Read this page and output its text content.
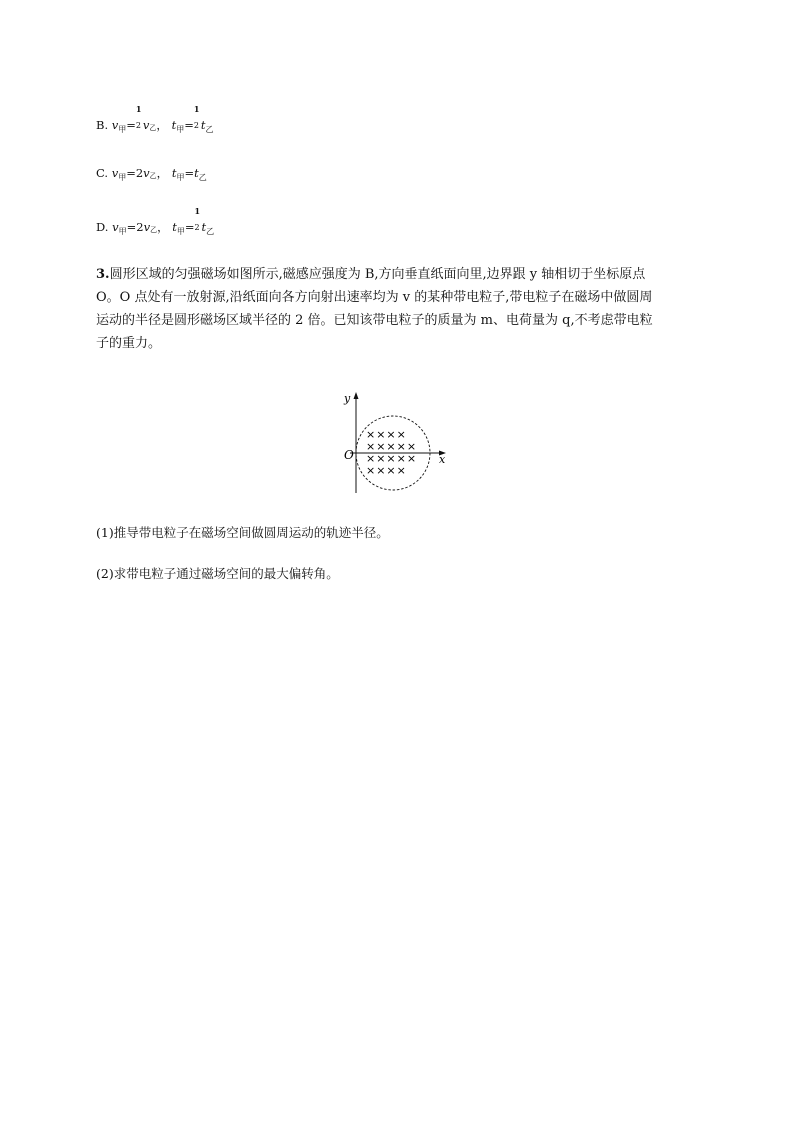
B. $v_甲=$
1
2 v乙， $t_甲=$
1
2 $t_乙$
C. $v_甲=2v$乙， $t_甲=t_乙$
D. $v_甲=2v$乙， $t_甲=$
1
2 $t_乙$
3.圆形区域的匀强磁场如图所示,磁感应强度为 B,方向垂直纸面向里,边界跟 y 轴相切于坐标原点
O。O 点处有一放射源,沿纸面向各方向射出速率均为 v 的某种带电粒子,带电粒子在磁场中做圆周
运动的半径是圆形磁场区域半径的 2 倍。已知该带电粒子的质量为 m、电荷量为 q,不考虑带电粒
子的重力。
y
x
O
××××
×××××
×××××
××××
(1)推导带电粒子在磁场空间做圆周运动的轨迹半径。
(2)求带电粒子通过磁场空间的最大偏转角。
